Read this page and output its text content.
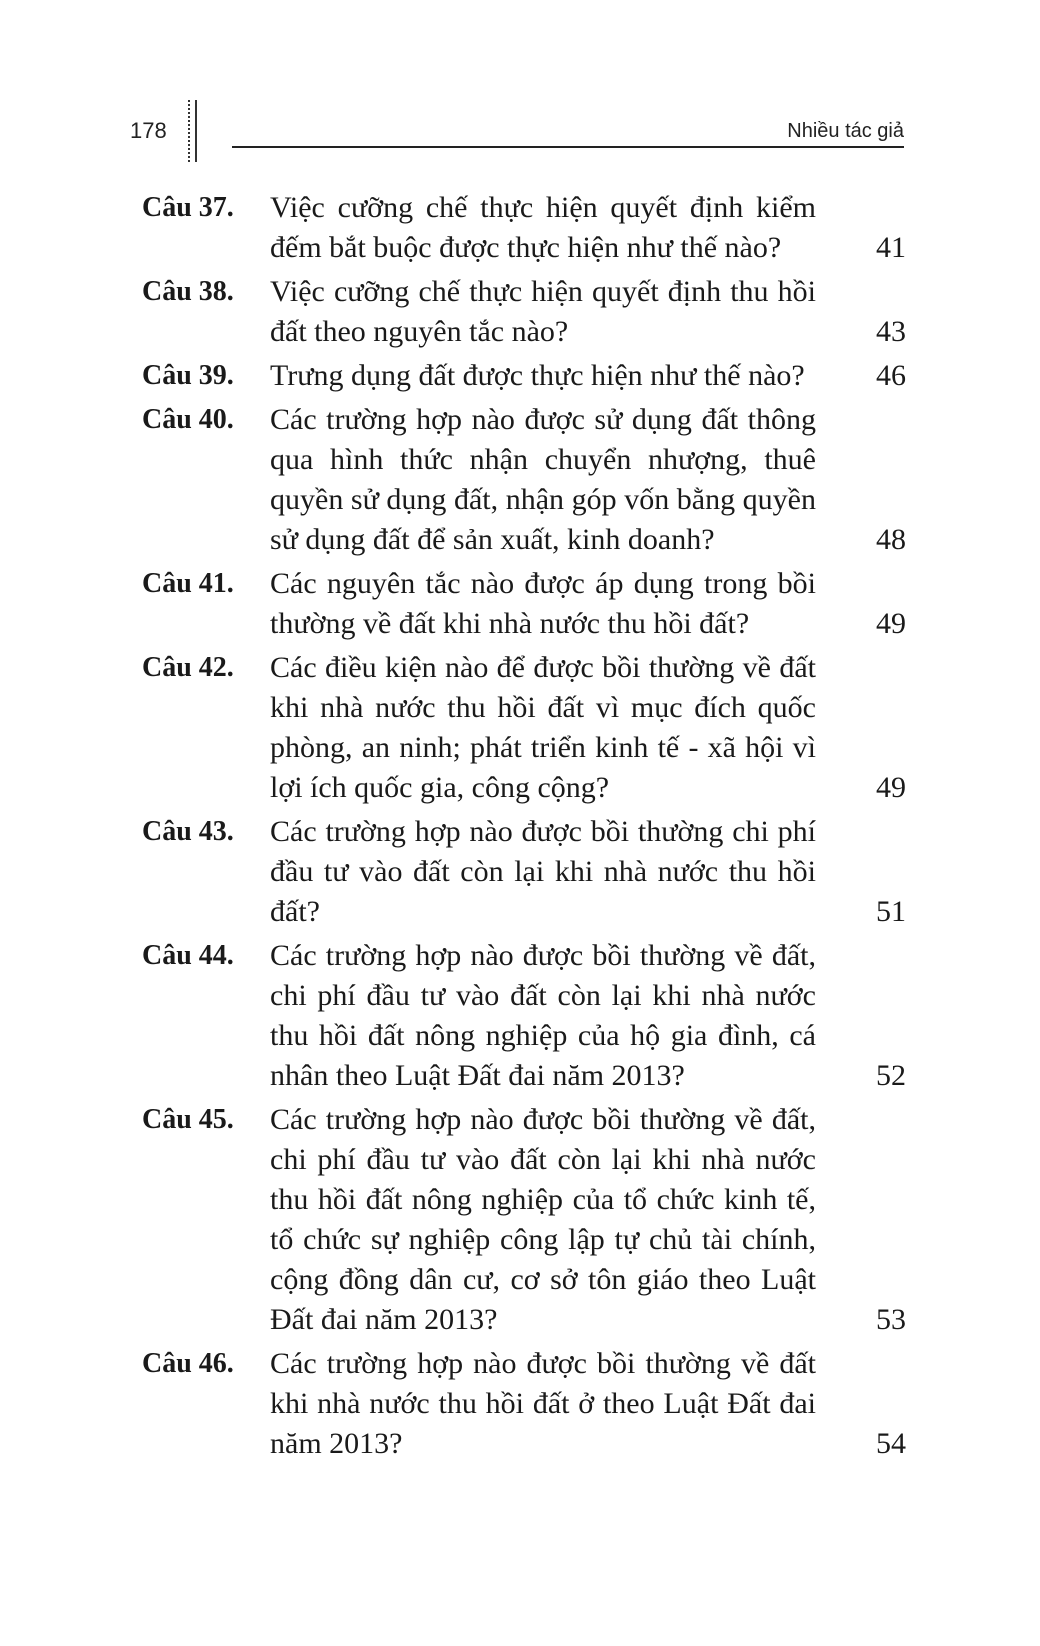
178	Nhiều tác giả
Câu 37.	Việc cưỡng chế thực hiện quyết định kiểm đếm bắt buộc được thực hiện như thế nào?	41
Câu 38.	Việc cưỡng chế thực hiện quyết định thu hồi đất theo nguyên tắc nào?	43
Câu 39.	Trưng dụng đất được thực hiện như thế nào?	46
Câu 40.	Các trường hợp nào được sử dụng đất thông qua hình thức nhận chuyển nhượng, thuê quyền sử dụng đất, nhận góp vốn bằng quyền sử dụng đất để sản xuất, kinh doanh?	48
Câu 41.	Các nguyên tắc nào được áp dụng trong bồi thường về đất khi nhà nước thu hồi đất?	49
Câu 42.	Các điều kiện nào để được bồi thường về đất khi nhà nước thu hồi đất vì mục đích quốc phòng, an ninh; phát triển kinh tế - xã hội vì lợi ích quốc gia, công cộng?	49
Câu 43.	Các trường hợp nào được bồi thường chi phí đầu tư vào đất còn lại khi nhà nước thu hồi đất?	51
Câu 44.	Các trường hợp nào được bồi thường về đất, chi phí đầu tư vào đất còn lại khi nhà nước thu hồi đất nông nghiệp của hộ gia đình, cá nhân theo Luật Đất đai năm 2013?	52
Câu 45.	Các trường hợp nào được bồi thường về đất, chi phí đầu tư vào đất còn lại khi nhà nước thu hồi đất nông nghiệp của tổ chức kinh tế, tổ chức sự nghiệp công lập tự chủ tài chính, cộng đồng dân cư, cơ sở tôn giáo theo Luật Đất đai năm 2013?	53
Câu 46.	Các trường hợp nào được bồi thường về đất khi nhà nước thu hồi đất ở theo Luật Đất đai năm 2013?	54
